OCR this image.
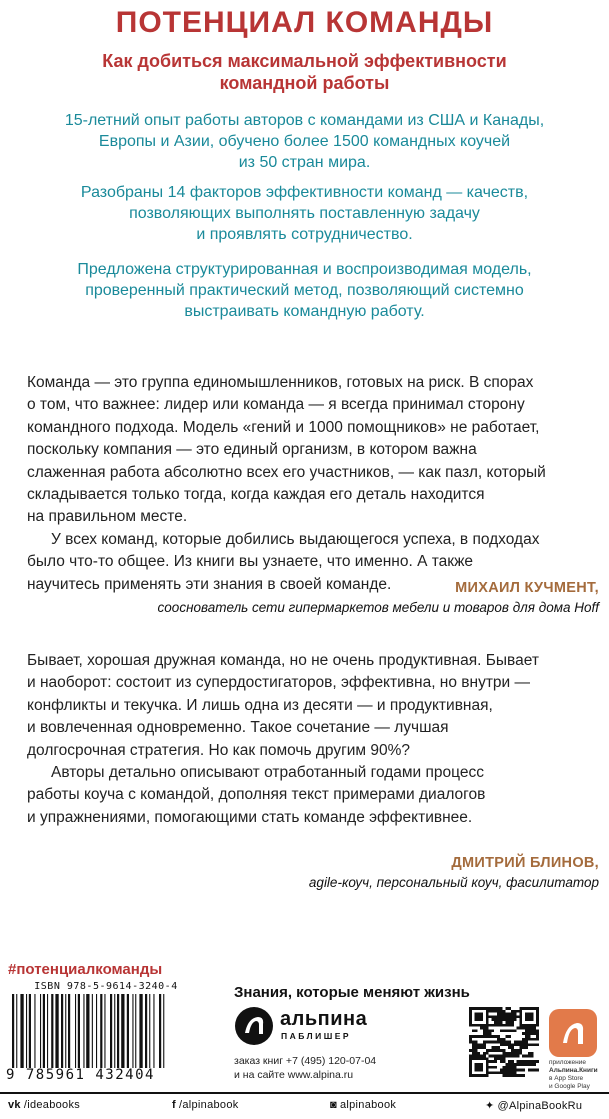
ПОТЕНЦИАЛ КОМАНДЫ
Как добиться максимальной эффективности
командной работы
15-летний опыт работы авторов с командами из США и Канады,
Европы и Азии, обучено более 1500 командных коучей
из 50 стран мира.
Разобраны 14 факторов эффективности команд — качеств,
позволяющих выполнять поставленную задачу
и проявлять сотрудничество.
Предложена структурированная и воспроизводимая модель,
проверенный практический метод, позволяющий системно
выстраивать командную работу.
Команда — это группа единомышленников, готовых на риск. В спорах
о том, что важнее: лидер или команда — я всегда принимал сторону
командного подхода. Модель «гений и 1000 помощников» не работает,
поскольку компания — это единый организм, в котором важна
слаженная работа абсолютно всех его участников, — как пазл, который
складывается только тогда, когда каждая его деталь находится
на правильном месте.
У всех команд, которые добились выдающегося успеха, в подходах
было что-то общее. Из книги вы узнаете, что именно. А также
научитесь применять эти знания в своей команде.	МИХАИЛ КУЧМЕНТ,
сооснователь сети гипермаркетов мебели и товаров для дома Hoff
Бывает, хорошая дружная команда, но не очень продуктивная. Бывает
и наоборот: состоит из супердостигаторов, эффективна, но внутри —
конфликты и текучка. И лишь одна из десяти — и продуктивная,
и вовлеченная одновременно. Такое сочетание — лучшая
долгосрочная стратегия. Но как помочь другим 90%?
Авторы детально описывают отработанный годами процесс
работы коуча с командой, дополняя текст примерами диалогов
и упражнениями, помогающими стать команде эффективнее.
ДМИТРИЙ БЛИНОВ,
agile-коуч, персональный коуч, фасилитатор
#потенциалкоманды
ISBN 978-5-9614-3240-4
9 785961 432404
Знания, которые меняют жизнь
альпина
ПАБЛИШЕР
заказ книг +7 (495) 120-07-04
и на сайте www.alpina.ru
приложение
Альпина.Книги
в App Store
и Google Play
vk /ideabooks	f /alpinabook	◙ alpinabook	✦ @AlpinaBookRu
